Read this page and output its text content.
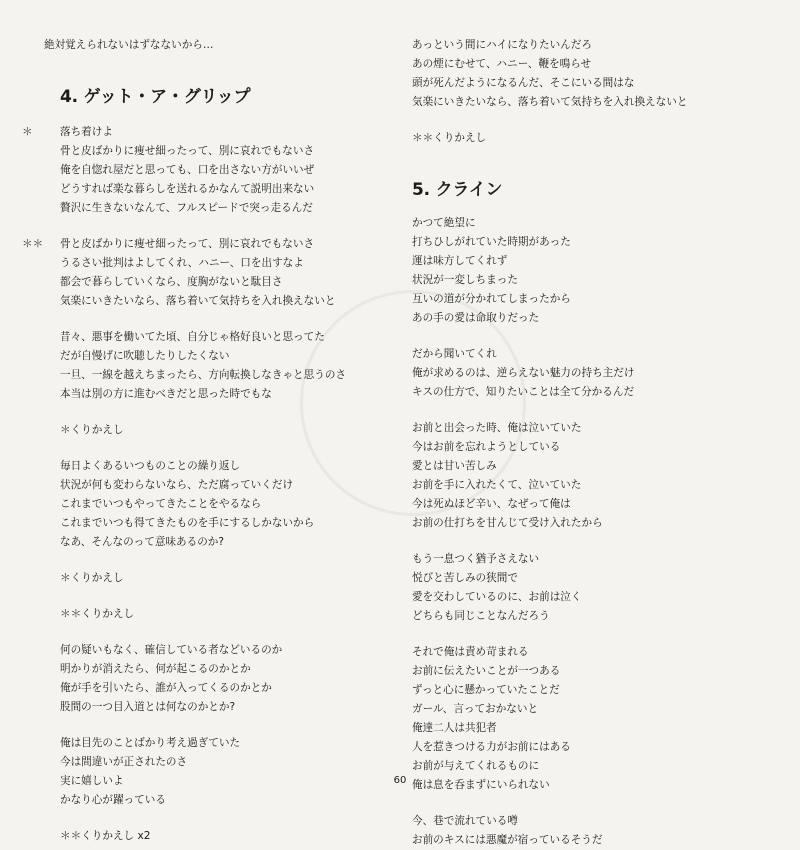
絶対覚えられないはずな​ないから…
4. ゲット・ア・グリップ
＊	落ち着けよ
骨と皮ばかりに痩せ細ったって、別に哀れでもないさ
俺を自惚れ屋だと思っても、口を出さない方がいいぜ
どうすれば楽な暮らしを送れるかなんて説明出来ない
贅沢に生きないなんて、フルスピードで突っ走るんだ
＊＊ 骨と皮ばかりに痩せ細ったって、別に哀れでもないさ
うるさい批判はよしてくれ、ハニー、口を出すなよ
都会で暮らしていくなら、度胸がないと駄目さ
気楽にいきたいなら、落ち着いて気持ちを入れ換えないと
昔々、悪事を働いてた頃、自分じゃ格好良いと思ってた
だが自慢げに吹聴したりしたくない
一旦、一線を越えちまったら、方向転換しなきゃと思うのさ
本当は別の方に進むべきだと思った時でもな
＊くりかえし
毎日よくあるいつものことの繰り返し
状況が何も変わらないなら、ただ腐っていくだけ
これまでいつもやってきたことをやるなら
これまでいつも得てきたものを手にするしかないから
なあ、そんなのって意味あるのか?
＊くりかえし
＊＊くりかえし
何の疑いもなく、確信している者などいるのか
明かりが消えたら、何が起こるのかとか
俺が手を引いたら、誰が入ってくるのかとか
股間の一つ目入道とは何なのかとか?
俺は目先のことばかり考え過ぎていた
今は間違いが正されたのさ
実に嬉しいよ
かなり心が躍っている
＊＊くりかえし x2
あっという間にハイになりたいんだろ
あの煙にむせて、ハニー、鞭を鳴らせ
頭が死んだようになるんだ、そこにいる間はな
気楽にいきたいなら、落ち着いて気持ちを入れ換えないと
＊＊くりかえし
5. クライン
かつて絶望に
打ちひしがれていた時期があった
運は味方してくれず
状況が一変しちまった
互いの道が分かれてしまったから
あの手の愛は命取りだった
だから聞いてくれ
俺が求めるのは、逆らえない魅力の持ち主だけ
キスの仕方で、知りたいことは全て分かるんだ
お前と出会った時、俺は泣いていた
今はお前を忘れようとしている
愛とは甘い苦しみ
お前を手に入れたくて、泣いていた
今は死ぬほど辛い、なぜって俺は
お前の仕打ちを甘んじて受け入れたから
もう一息つく猶予さえない
悦びと苦しみの狭間で
愛を交わしているのに、お前は泣く
どちらも同じことなんだろう
それで俺は責め苛まれる
お前に伝えたいことが一つある
ずっと心に懸かっていたことだ
ガール、言っておかないと
俺達二人は共犯者
人を惹きつける力がお前にはある
お前が与えてくれるものに
俺は息を呑まずにいられない
今、巷で流れている噂
お前のキスには悪魔が宿っているそうだ
60
